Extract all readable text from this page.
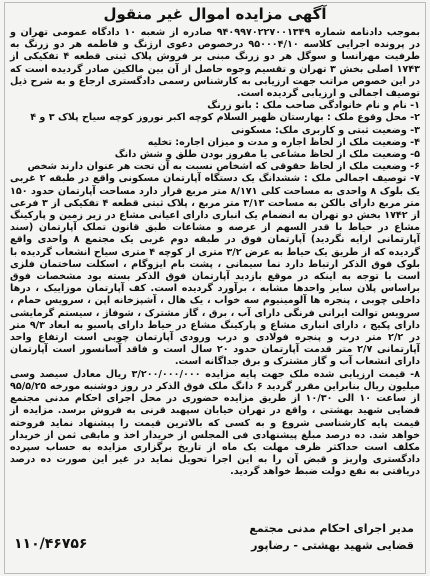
آگهی مزایده اموال غیر منقول

بموجب دادنامه شماره ۹۴۰۹۹۷۰۲۲۷۰۰۱۳۴۹ صادره از شعبه ۱۰ دادگاه عمومی تهران و در پرونده اجرایی کلاسه ۹۵۰۰۰۴/۱۰ درخصوص دعوی ارژنگ و فاطمه هر دو زرنگ به طرفیت مهرانسا و سوگل هر دو زرنگ مبنی بر فروش پلاک ثبتی قطعه ۴ تفکیکی از ۱۷۴۳ اصلی بخش ۳ تهران و تقسیم وجوه حاصل از آن بین مالکین صادر گردیده است که در این خصوص مراتب جهت ارزیابی به کارشناس رسمی دادگستری ارجاع و به شرح ذیل توصیف اجمالی و ارزیابی گردیده است.

۱- نام و نام خانوادگی صاحب ملک : بانو زرنگ

۲- محل وقوع ملک : بهارستان ظهیر السلام کوچه اکبر نوروز کوچه سیاح پلاک ۳ و ۴

۳- وضعیت ثبتی و کاربری ملک: مسکونی

۴- وضعیت ملک از لحاظ اجاره و مدت و میزان اجاره: تخلیه

۵- وضعیت ملک از لحاظ مشاعی یا مفروز بودن طلق و شش دانگ

۶- وضعیت ملک از لحاظ حقوقی که اشخاص نسبت به آن تحت هر عنوان دارند شخص

۷- توصیف اجمالی ملک : ششدانگ یک دستگاه آپارتمان مسکونی واقع در طبقه ۲ غربی یک بلوک ۸ واحدی به مساحت کلی ۸/۱۷۱ متر مربع قرار دارد مساحت آپارتمان حدود ۱۵۰ متر مربع دارای بالکن به مساحت ۳/۱۳ متر مربع ، پلاک ثبتی قطعه ۴ تفکیکی از ۳ فرعی از ۱۷۴۲ بخش دو تهران به انضمام یک انباری دارای اعیانی مشاع در زیر زمین و پارکینگ مشاع در حیاط با قدر السهم از عرصه و مشاعات طبق قانون تملک آپارتمان (سند آپارتمانی ارایه نگردید) آپارتمان فوق در طبقه دوم غربی یک مجتمع ۸ واحدی واقع گردیده که از طریق یک حیاط به عرض ۳/۲ متری از کوچه ۴ متری سیاح انشعاب گردیده با بلوک فوق الذکر ارتباط دارد نما سیمانی ، پشت بام ایزوگام ، اسکلت ساختمان فلزی است با توجه به اینکه در موقع بازدید آپارتمان فوق الذکر بسته بود مشخصات فوق براساس پلان سایر واحدها مشابه ، برآورد گردیده است. کف آپارتمان موزاییک ، درها داخلی چوبی ، پنجره ها آلومینیوم سه خواب ، یک هال ، آشپزخانه اپن ، سرویس حمام ، سرویس توالت ایرانی فرنگی دارای آب ، برق ، گاز مشترک ، شوفاژ ، سیستم گرمایشی دارای پکیج ، دارای انباری مشاع و پارکینگ مشاع در حیاط دارای پاسیو به ابعاد ۹/۳ متر در ۲/۲ متر درب و پنجره فولادی و درب ورودی آپارتمان چوبی است ارتفاع واحد آپارتمانی ۲/۷ متر قدمت آپارتمان حدود ۲۰ سال است و فاقد آسانسور است آپارتمان دارای انشعاب آب و گاز مشترک و برق جداگانه است.

۸- قیمت ارزیابی شده ملک جهت پایه مزایده ۳/۲۰۰/۰۰۰/۰۰۰ ریال معادل سیصد وسی میلیون ریال بنابراین مقرر گردید ۶ دانگ ملک فوق الذکر در روز دوشنبه مورخه ۹۵/۵/۲۵ از ساعت ۱۰ الی ۱۰/۳۰ از طریق مزایده حضوری در محل اجرای احکام مدنی مجتمع قضایی شهید بهشتی ، واقع در تهران خیابان سپهبد قرنی به فروش برسد. مزایده از قیمت پایه کارشناسی شروع و به کسی که بالاترین قیمت را پیشنهاد نماید فروخته خواهد شد. ده درصد مبلغ پیشنهادی فی المجلس از خریدار اخذ و مابقی ثمن از خریدار مکلف است حداکثر ظرف مهلت یک ماه از تاریخ برگزاری مزایده به حساب سپرده دادگستری واریز و قبض آن را به این اجرا تحویل نماید در غیر این صورت ده درصد دریافتی به نفع دولت ضبط خواهد گردید.

مدیر اجرای احکام مدنی مجتمع
قضایی شهید بهشتی - رضاپور
۱۱۰/۴۶۷۵۶
